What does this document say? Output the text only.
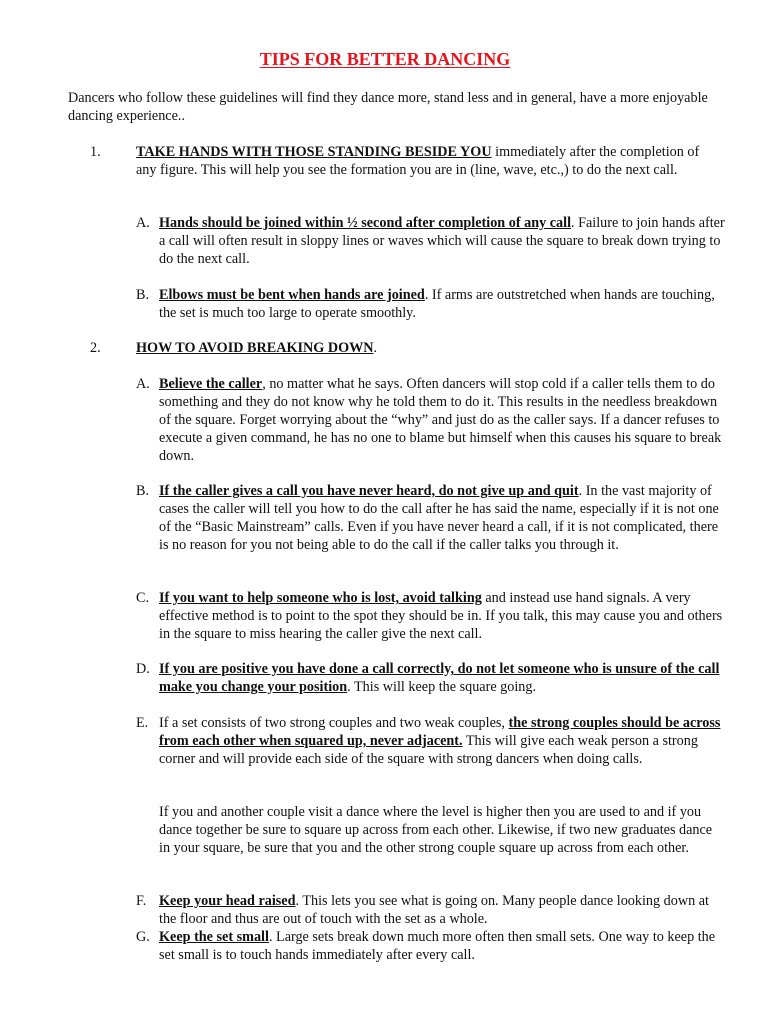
TIPS FOR BETTER DANCING
Dancers who follow these guidelines will find they dance more, stand less and in general, have a more enjoyable dancing experience..
1. TAKE HANDS WITH THOSE STANDING BESIDE YOU immediately after the completion of any figure. This will help you see the formation you are in (line, wave, etc.,) to do the next call.
A. Hands should be joined within ½ second after completion of any call. Failure to join hands after a call will often result in sloppy lines or waves which will cause the square to break down trying to do the next call.
B. Elbows must be bent when hands are joined. If arms are outstretched when hands are touching, the set is much too large to operate smoothly.
2. HOW TO AVOID BREAKING DOWN.
A. Believe the caller, no matter what he says. Often dancers will stop cold if a caller tells them to do something and they do not know why he told them to do it. This results in the needless breakdown of the square. Forget worrying about the “why” and just do as the caller says. If a dancer refuses to execute a given command, he has no one to blame but himself when this causes his square to break down.
B. If the caller gives a call you have never heard, do not give up and quit. In the vast majority of cases the caller will tell you how to do the call after he has said the name, especially if it is not one of the “Basic Mainstream” calls. Even if you have never heard a call, if it is not complicated, there is no reason for you not being able to do the call if the caller talks you through it.
C. If you want to help someone who is lost, avoid talking and instead use hand signals. A very effective method is to point to the spot they should be in. If you talk, this may cause you and others in the square to miss hearing the caller give the next call.
D. If you are positive you have done a call correctly, do not let someone who is unsure of the call make you change your position. This will keep the square going.
E. If a set consists of two strong couples and two weak couples, the strong couples should be across from each other when squared up, never adjacent. This will give each weak person a strong corner and will provide each side of the square with strong dancers when doing calls.
If you and another couple visit a dance where the level is higher then you are used to and if you dance together be sure to square up across from each other. Likewise, if two new graduates dance in your square, be sure that you and the other strong couple square up across from each other.
F. Keep your head raised. This lets you see what is going on. Many people dance looking down at the floor and thus are out of touch with the set as a whole.
G. Keep the set small. Large sets break down much more often then small sets. One way to keep the set small is to touch hands immediately after every call.
